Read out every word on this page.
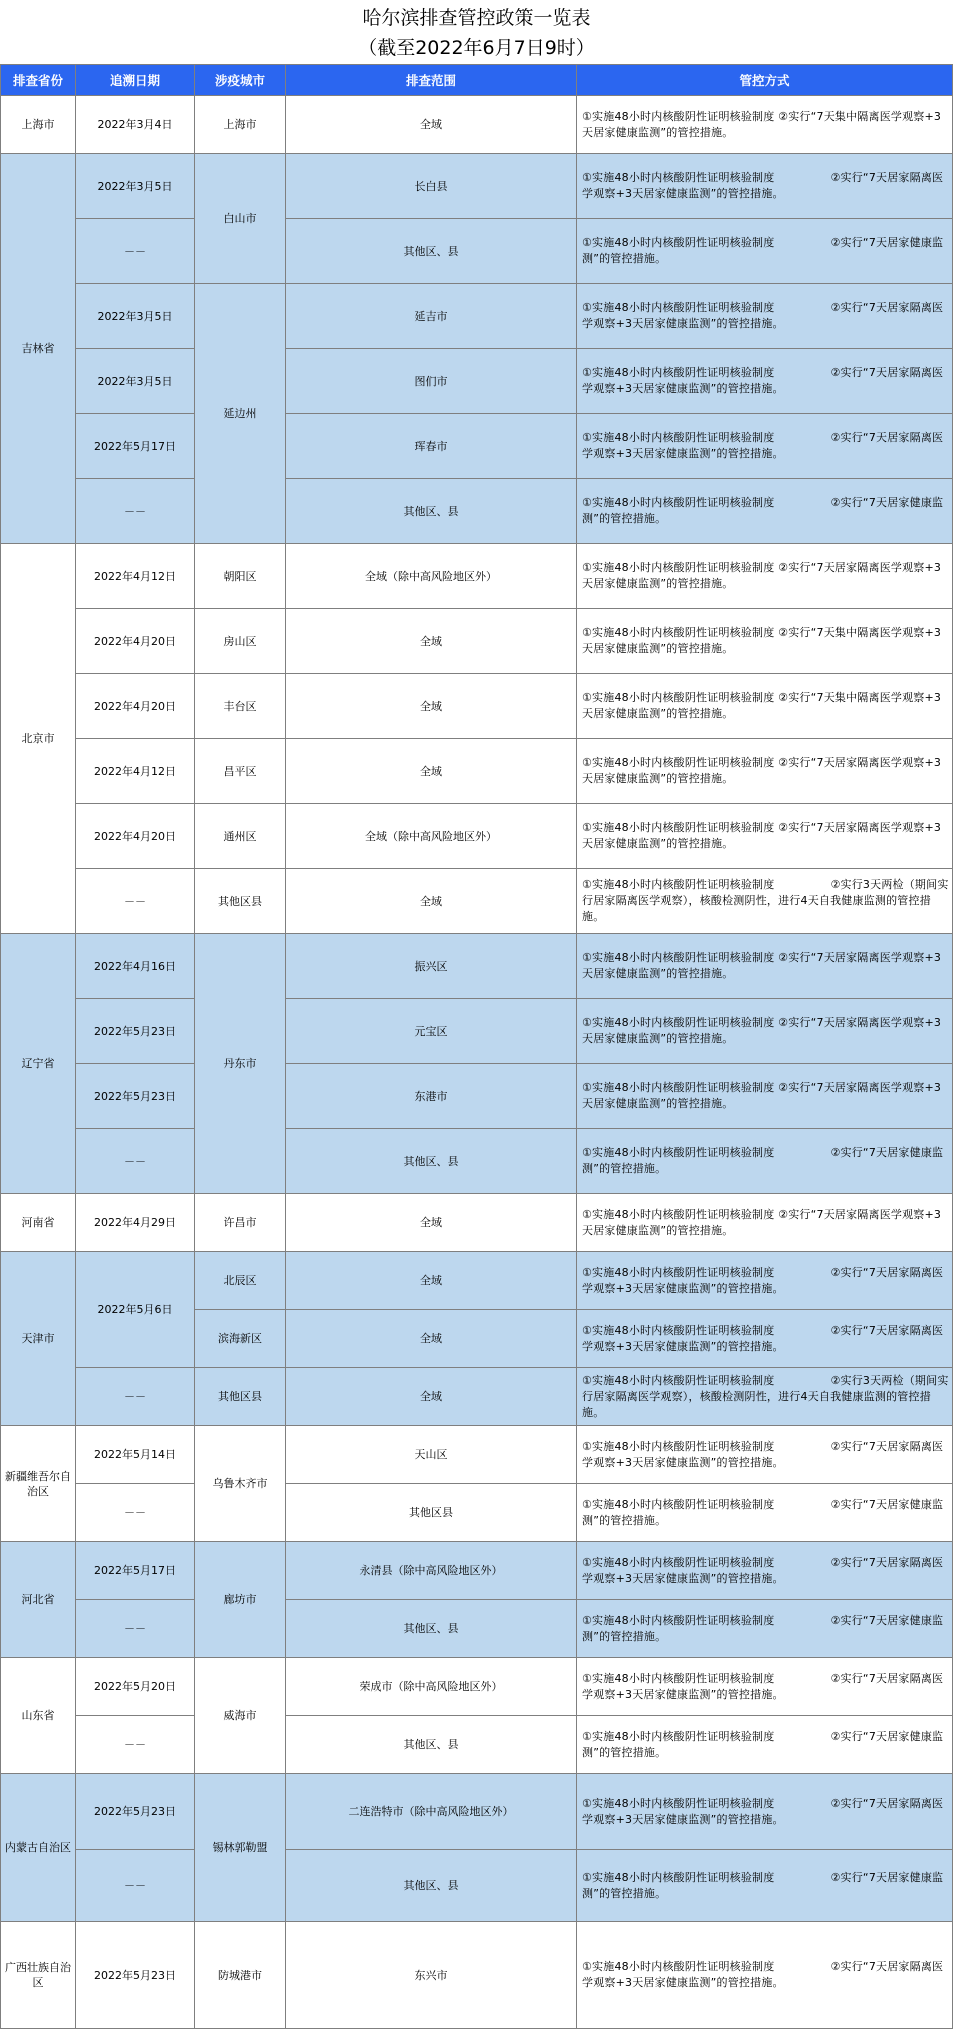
哈尔滨排查管控政策一览表
（截至2022年6月7日9时）
排查省份	追溯日期	涉疫城市	排查范围	管控方式
上海市	2022年3月4日	上海市	全域	①实施48小时内核酸阴性证明核验制度 ②实行“7天集中隔离医学观察+3天居家健康监测”的管控措施。
吉林省	2022年3月5日	白山市	长白县	①实施48小时内核酸阴性证明核验制度　　　　　②实行“7天居家隔离医学观察+3天居家健康监测”的管控措施。
	－－		其他区、县	①实施48小时内核酸阴性证明核验制度　　　　　②实行“7天居家健康监测”的管控措施。
	2022年3月5日	延边州	延吉市	①实施48小时内核酸阴性证明核验制度　　　　　②实行“7天居家隔离医学观察+3天居家健康监测”的管控措施。
	2022年3月5日		图们市	①实施48小时内核酸阴性证明核验制度　　　　　②实行“7天居家隔离医学观察+3天居家健康监测”的管控措施。
	2022年5月17日		珲春市	①实施48小时内核酸阴性证明核验制度　　　　　②实行“7天居家隔离医学观察+3天居家健康监测”的管控措施。
	－－		其他区、县	①实施48小时内核酸阴性证明核验制度　　　　　②实行“7天居家健康监测”的管控措施。
北京市	2022年4月12日	朝阳区	全域（除中高风险地区外）	①实施48小时内核酸阴性证明核验制度 ②实行“7天居家隔离医学观察+3天居家健康监测”的管控措施。
	2022年4月20日	房山区	全域	①实施48小时内核酸阴性证明核验制度 ②实行“7天集中隔离医学观察+3天居家健康监测”的管控措施。
	2022年4月20日	丰台区	全域	①实施48小时内核酸阴性证明核验制度 ②实行“7天集中隔离医学观察+3天居家健康监测”的管控措施。
	2022年4月12日	昌平区	全域	①实施48小时内核酸阴性证明核验制度 ②实行“7天居家隔离医学观察+3天居家健康监测”的管控措施。
	2022年4月20日	通州区	全域（除中高风险地区外）	①实施48小时内核酸阴性证明核验制度 ②实行“7天居家隔离医学观察+3天居家健康监测”的管控措施。
	－－	其他区县	全域	①实施48小时内核酸阴性证明核验制度　　　　　②实行3天两检（期间实行居家隔离医学观察），核酸检测阴性，进行4天自我健康监测的管控措施。
辽宁省	2022年4月16日	丹东市	振兴区	①实施48小时内核酸阴性证明核验制度 ②实行“7天居家隔离医学观察+3天居家健康监测”的管控措施。
	2022年5月23日		元宝区	①实施48小时内核酸阴性证明核验制度 ②实行“7天居家隔离医学观察+3天居家健康监测”的管控措施。
	2022年5月23日		东港市	①实施48小时内核酸阴性证明核验制度 ②实行“7天居家隔离医学观察+3天居家健康监测”的管控措施。
	－－		其他区、县	①实施48小时内核酸阴性证明核验制度　　　　　②实行“7天居家健康监测”的管控措施。
河南省	2022年4月29日	许昌市	全域	①实施48小时内核酸阴性证明核验制度 ②实行“7天居家隔离医学观察+3天居家健康监测”的管控措施。
天津市	2022年5月6日	北辰区	全域	①实施48小时内核酸阴性证明核验制度　　　　　②实行“7天居家隔离医学观察+3天居家健康监测”的管控措施。
		滨海新区	全域	①实施48小时内核酸阴性证明核验制度　　　　　②实行“7天居家隔离医学观察+3天居家健康监测”的管控措施。
	－－	其他区县	全域	①实施48小时内核酸阴性证明核验制度　　　　　②实行3天两检（期间实行居家隔离医学观察），核酸检测阴性，进行4天自我健康监测的管控措施。
新疆维吾尔自治区	2022年5月14日	乌鲁木齐市	天山区	①实施48小时内核酸阴性证明核验制度　　　　　②实行“7天居家隔离医学观察+3天居家健康监测”的管控措施。
	－－		其他区县	①实施48小时内核酸阴性证明核验制度　　　　　②实行“7天居家健康监测”的管控措施。
河北省	2022年5月17日	廊坊市	永清县（除中高风险地区外）	①实施48小时内核酸阴性证明核验制度　　　　　②实行“7天居家隔离医学观察+3天居家健康监测”的管控措施。
	－－		其他区、县	①实施48小时内核酸阴性证明核验制度　　　　　②实行“7天居家健康监测”的管控措施。
山东省	2022年5月20日	威海市	荣成市（除中高风险地区外）	①实施48小时内核酸阴性证明核验制度　　　　　②实行“7天居家隔离医学观察+3天居家健康监测”的管控措施。
	－－		其他区、县	①实施48小时内核酸阴性证明核验制度　　　　　②实行“7天居家健康监测”的管控措施。
内蒙古自治区	2022年5月23日	锡林郭勒盟	二连浩特市（除中高风险地区外）	①实施48小时内核酸阴性证明核验制度　　　　　②实行“7天居家隔离医学观察+3天居家健康监测”的管控措施。
	－－		其他区、县	①实施48小时内核酸阴性证明核验制度　　　　　②实行“7天居家健康监测”的管控措施。
广西壮族自治区	2022年5月23日	防城港市	东兴市	①实施48小时内核酸阴性证明核验制度　　　　　②实行“7天居家隔离医学观察+3天居家健康监测”的管控措施。
